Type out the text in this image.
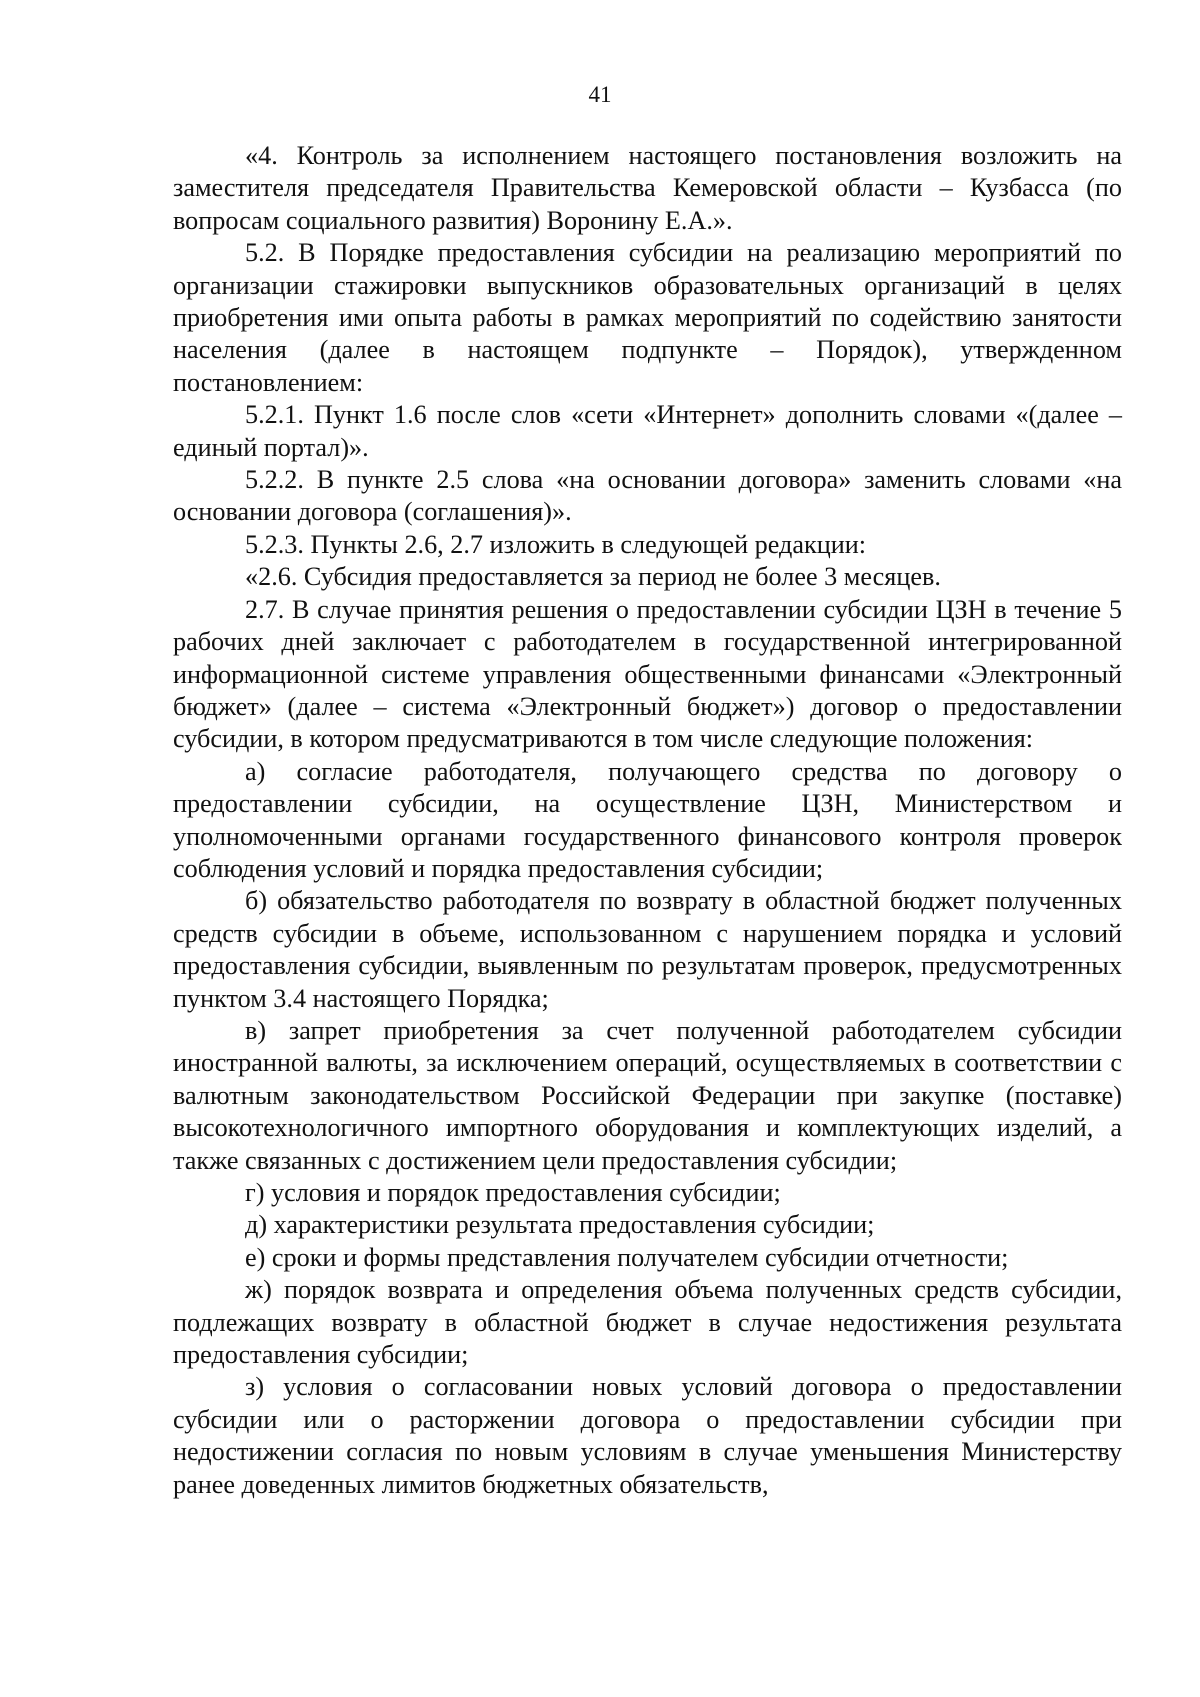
41

«4. Контроль за исполнением настоящего постановления возложить на заместителя председателя Правительства Кемеровской области – Кузбасса (по вопросам социального развития) Воронину Е.А.».

5.2. В Порядке предоставления субсидии на реализацию мероприятий по организации стажировки выпускников образовательных организаций в целях приобретения ими опыта работы в рамках мероприятий по содействию занятости населения (далее в настоящем подпункте – Порядок), утвержденном постановлением:

5.2.1. Пункт 1.6 после слов «сети «Интернет» дополнить словами «(далее – единый портал)».

5.2.2. В пункте 2.5 слова «на основании договора» заменить словами «на основании договора (соглашения)».

5.2.3. Пункты 2.6, 2.7 изложить в следующей редакции:

«2.6. Субсидия предоставляется за период не более 3 месяцев.

2.7. В случае принятия решения о предоставлении субсидии ЦЗН в течение 5 рабочих дней заключает с работодателем в государственной интегрированной информационной системе управления общественными финансами «Электронный бюджет» (далее – система «Электронный бюджет») договор о предоставлении субсидии, в котором предусматриваются в том числе следующие положения:

а) согласие работодателя, получающего средства по договору о предоставлении субсидии, на осуществление ЦЗН, Министерством и уполномоченными органами государственного финансового контроля проверок соблюдения условий и порядка предоставления субсидии;

б) обязательство работодателя по возврату в областной бюджет полученных средств субсидии в объеме, использованном с нарушением порядка и условий предоставления субсидии, выявленным по результатам проверок, предусмотренных пунктом 3.4 настоящего Порядка;

в) запрет приобретения за счет полученной работодателем субсидии иностранной валюты, за исключением операций, осуществляемых в соответствии с валютным законодательством Российской Федерации при закупке (поставке) высокотехнологичного импортного оборудования и комплектующих изделий, а также связанных с достижением цели предоставления субсидии;

г) условия и порядок предоставления субсидии;

д) характеристики результата предоставления субсидии;

е) сроки и формы представления получателем субсидии отчетности;

ж) порядок возврата и определения объема полученных средств субсидии, подлежащих возврату в областной бюджет в случае недостижения результата предоставления субсидии;

з) условия о согласовании новых условий договора о предоставлении субсидии или о расторжении договора о предоставлении субсидии при недостижении согласия по новым условиям в случае уменьшения Министерству ранее доведенных лимитов бюджетных обязательств,
